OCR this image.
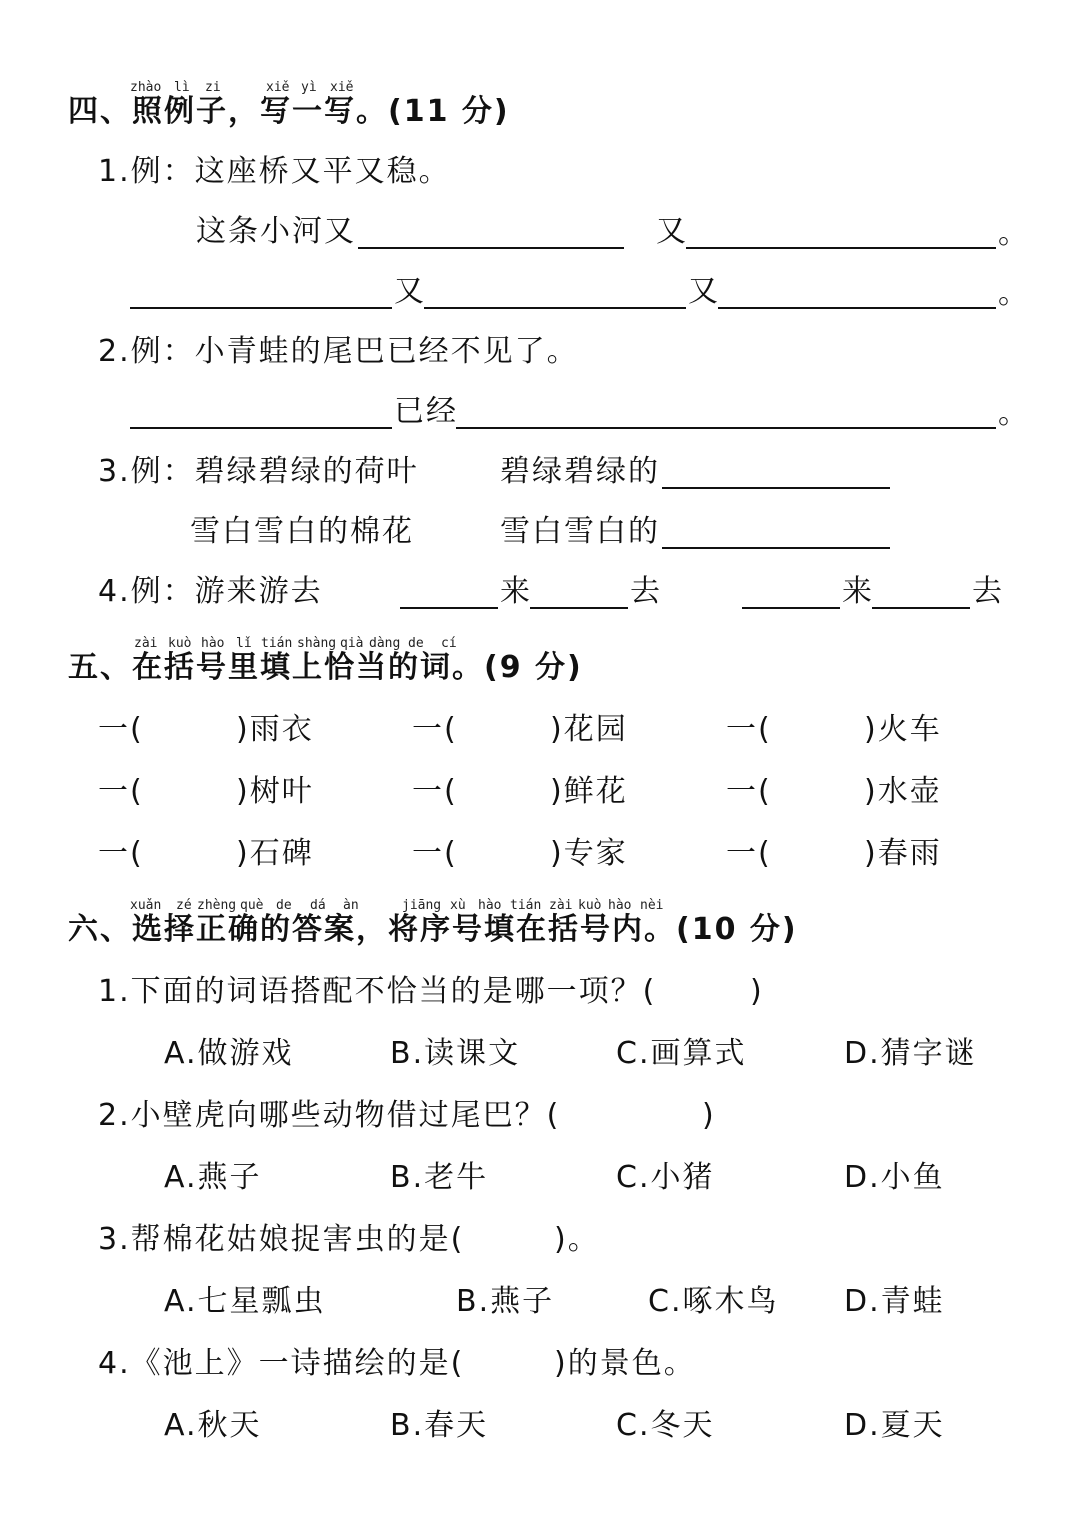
zhào lì zi	xiě yì xiě
四、照例子，写一写。(11 分)
1.例：这座桥又平又稳。
这条小河又	又	。
又	又	。
2.例：小青蛙的尾巴已经不见了。
已经	。
3.例：碧绿碧绿的荷叶	碧绿碧绿的
雪白雪白的棉花	雪白雪白的
4.例：游来游去	来	去	来	去
zài kuò hào lǐ tián shàng qià dàng de cí
五、在括号里填上恰当的词。(9 分)
一(	)雨衣	一(	)花园	一(	)火车
一(	)树叶	一(	)鲜花	一(	)水壶
一(	)石碑	一(	)专家	一(	)春雨
xuǎn zé zhèng què de dá àn	jiāng xù hào tián zài kuò hào nèi
六、选择正确的答案，将序号填在括号内。(10 分)
1.下面的词语搭配不恰当的是哪一项？(	)
A.做游戏	B.读课文	C.画算式	D.猜字谜
2.小壁虎向哪些动物借过尾巴？(	)
A.燕子	B.老牛	C.小猪	D.小鱼
3.帮棉花姑娘捉害虫的是(	)。
A.七星瓢虫	B.燕子	C.啄木鸟 D.青蛙
4.《池上》一诗描绘的是(	)的景色。
A.秋天	B.春天	C.冬天	D.夏天
